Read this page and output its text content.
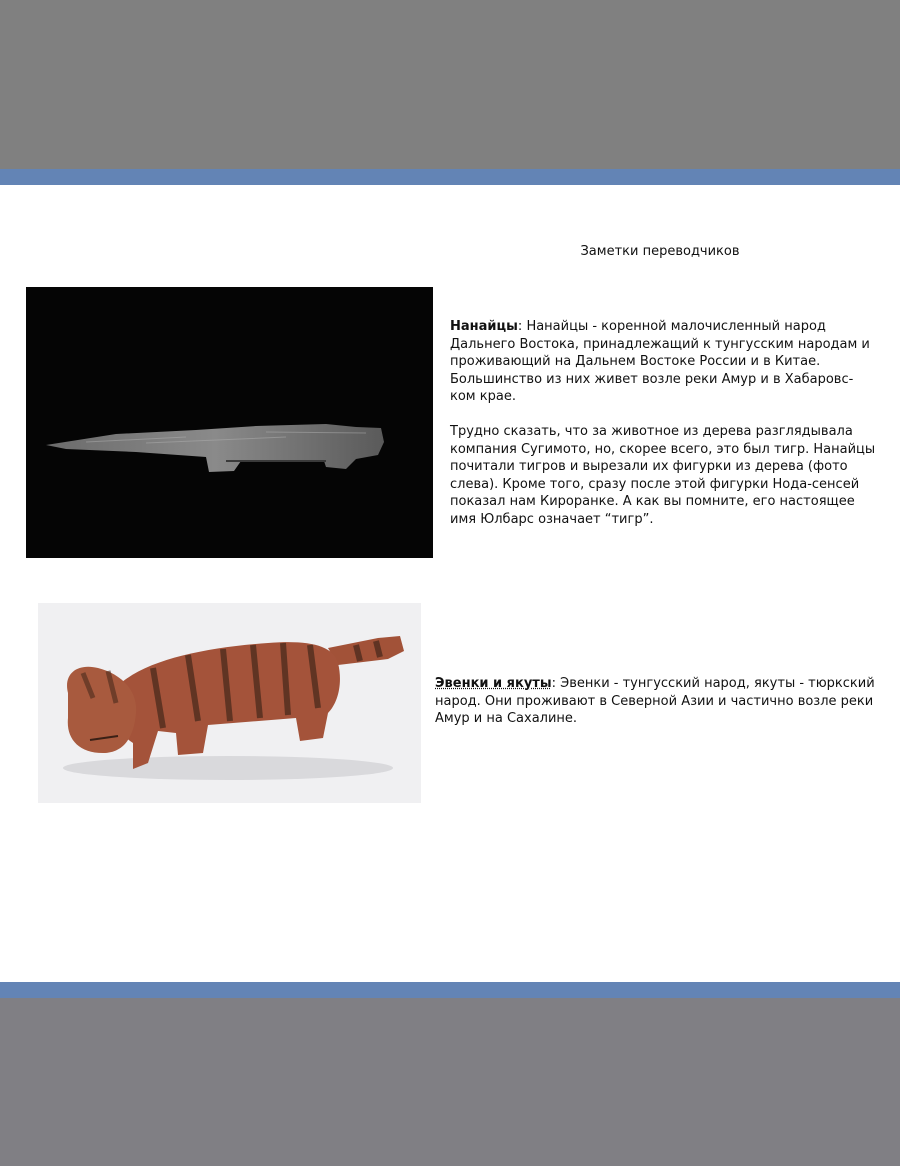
Заметки переводчиков
Нанайцы: Нанайцы - коренной малочисленный народ Дальнего Востока, принадлежащий к тунгусским народам и проживающий на Дальнем Востоке России и в Китае. Большинство из них живет возле реки Амур и в Хабаровс-ком крае.
Трудно сказать, что за животное из дерева разглядывала компания Сугимото, но, скорее всего, это был тигр. Нанайцы почитали тигров и вырезали их фигурки из дерева (фото слева). Кроме того, сразу после этой фигурки Нода-сенсей показал нам Кироранке. А как вы помните, его настоящее имя Юлбарс означает “тигр”.
Эвенки и якуты: Эвенки - тунгусский народ, якуты - тюркский народ. Они проживают в Северной Азии и частично возле реки Амур и на Сахалине.
